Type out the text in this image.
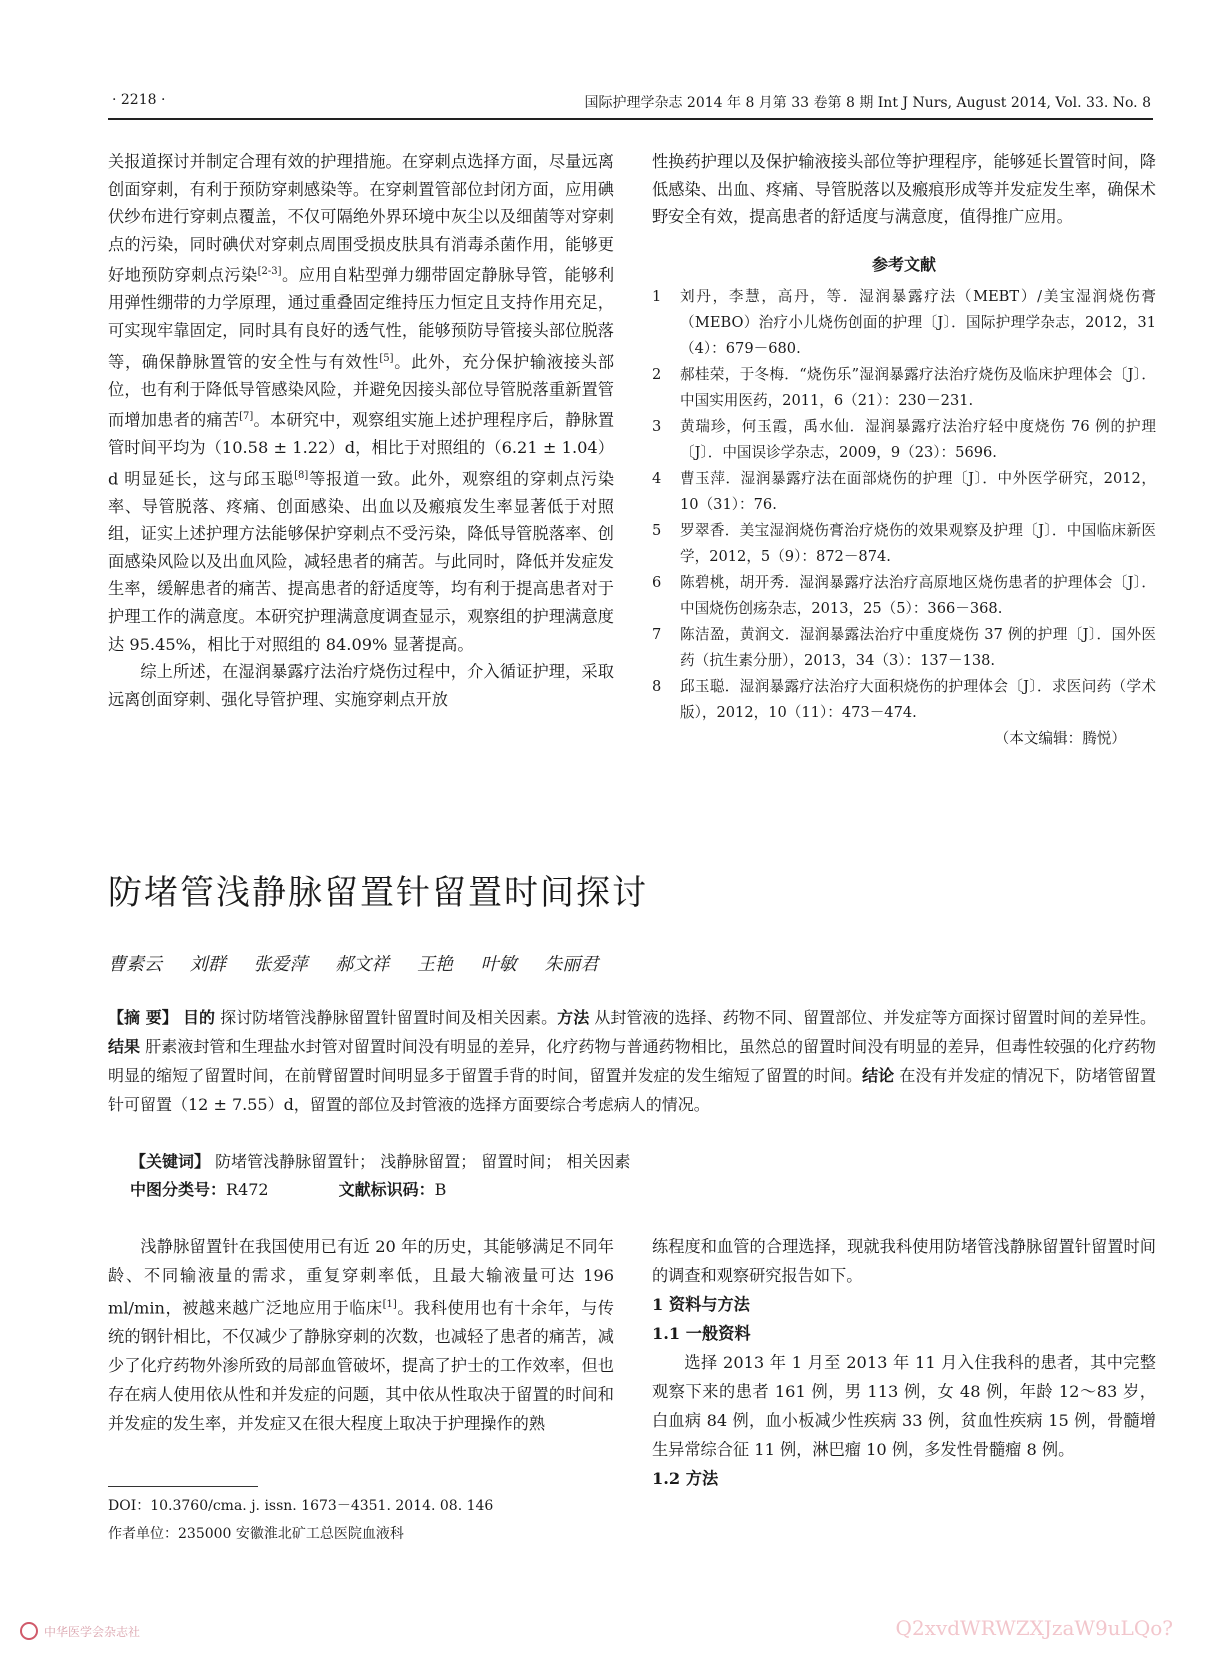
· 2218 ·	国际护理学杂志 2014 年 8 月第 33 卷第 8 期 Int J Nurs, August 2014, Vol. 33. No. 8

关报道探讨并制定合理有效的护理措施。在穿刺点选择方面，尽量远离创面穿刺，有利于预防穿刺感染等。在穿刺置管部位封闭方面，应用碘伏纱布进行穿刺点覆盖，不仅可隔绝外界环境中灰尘以及细菌等对穿刺点的污染，同时碘伏对穿刺点周围受损皮肤具有消毒杀菌作用，能够更好地预防穿刺点污染[2-3]。应用自粘型弹力绷带固定静脉导管，能够利用弹性绷带的力学原理，通过重叠固定维持压力恒定且支持作用充足，可实现牢靠固定，同时具有良好的透气性，能够预防导管接头部位脱落等，确保静脉置管的安全性与有效性[5]。此外，充分保护输液接头部位，也有利于降低导管感染风险，并避免因接头部位导管脱落重新置管而增加患者的痛苦[7]。本研究中，观察组实施上述护理程序后，静脉置管时间平均为（10.58 ± 1.22）d，相比于对照组的（6.21 ± 1.04）d 明显延长，这与邱玉聪[8]等报道一致。此外，观察组的穿刺点污染率、导管脱落、疼痛、创面感染、出血以及瘢痕发生率显著低于对照组，证实上述护理方法能够保护穿刺点不受污染，降低导管脱落率、创面感染风险以及出血风险，减轻患者的痛苦。与此同时，降低并发症发生率，缓解患者的痛苦、提高患者的舒适度等，均有利于提高患者对于护理工作的满意度。本研究护理满意度调查显示，观察组的护理满意度达 95.45%，相比于对照组的 84.09% 显著提高。

综上所述，在湿润暴露疗法治疗烧伤过程中，介入循证护理，采取远离创面穿刺、强化导管护理、实施穿刺点开放

性换药护理以及保护输液接头部位等护理程序，能够延长置管时间，降低感染、出血、疼痛、导管脱落以及瘢痕形成等并发症发生率，确保术野安全有效，提高患者的舒适度与满意度，值得推广应用。

参考文献
1	刘丹，李慧，高丹，等．湿润暴露疗法（MEBT）/美宝湿润烧伤膏（MEBO）治疗小儿烧伤创面的护理〔J〕．国际护理学杂志，2012，31（4）：679－680.
2	郝桂荣，于冬梅．“烧伤乐”湿润暴露疗法治疗烧伤及临床护理体会〔J〕．中国实用医药，2011，6（21）：230－231.
3	黄瑞珍，何玉霞，禹水仙．湿润暴露疗法治疗轻中度烧伤 76 例的护理〔J〕．中国误诊学杂志，2009，9（23）：5696.
4	曹玉萍．湿润暴露疗法在面部烧伤的护理〔J〕．中外医学研究，2012，10（31）：76.
5	罗翠香．美宝湿润烧伤膏治疗烧伤的效果观察及护理〔J〕．中国临床新医学，2012，5（9）：872－874.
6	陈碧桃，胡开秀．湿润暴露疗法治疗高原地区烧伤患者的护理体会〔J〕．中国烧伤创疡杂志，2013，25（5）：366－368.
7	陈洁盈，黄润文．湿润暴露法治疗中重度烧伤 37 例的护理〔J〕．国外医药（抗生素分册），2013，34（3）：137－138.
8	邱玉聪．湿润暴露疗法治疗大面积烧伤的护理体会〔J〕．求医问药（学术版），2012，10（11）：473－474.
（本文编辑：腾悦）
防堵管浅静脉留置针留置时间探讨
曹素云 刘群 张爱萍 郝文祥 王艳 叶敏 朱丽君
【摘 要】 目的 探讨防堵管浅静脉留置针留置时间及相关因素。方法 从封管液的选择、药物不同、留置部位、并发症等方面探讨留置时间的差异性。结果 肝素液封管和生理盐水封管对留置时间没有明显的差异，化疗药物与普通药物相比，虽然总的留置时间没有明显的差异，但毒性较强的化疗药物明显的缩短了留置时间，在前臂留置时间明显多于留置手背的时间，留置并发症的发生缩短了留置的时间。结论 在没有并发症的情况下，防堵管留置针可留置（12 ± 7.55）d，留置的部位及封管液的选择方面要综合考虑病人的情况。
【关键词】 防堵管浅静脉留置针； 浅静脉留置； 留置时间； 相关因素
中图分类号：R472	文献标识码：B

浅静脉留置针在我国使用已有近 20 年的历史，其能够满足不同年龄、不同输液量的需求，重复穿刺率低，且最大输液量可达 196 ml/min，被越来越广泛地应用于临床[1]。我科使用也有十余年，与传统的钢针相比，不仅减少了静脉穿刺的次数，也减轻了患者的痛苦，减少了化疗药物外渗所致的局部血管破坏，提高了护士的工作效率，但也存在病人使用依从性和并发症的问题，其中依从性取决于留置的时间和并发症的发生率，并发症又在很大程度上取决于护理操作的熟

练程度和血管的合理选择，现就我科使用防堵管浅静脉留置针留置时间的调查和观察研究报告如下。

1 资料与方法

1.1 一般资料

选择 2013 年 1 月至 2013 年 11 月入住我科的患者，其中完整观察下来的患者 161 例，男 113 例，女 48 例，年龄 12～83 岁，白血病 84 例，血小板减少性疾病 33 例，贫血性疾病 15 例，骨髓增生异常综合征 11 例，淋巴瘤 10 例，多发性骨髓瘤 8 例。

1.2 方法

DOI：10.3760/cma. j. issn. 1673－4351. 2014. 08. 146
作者单位：235000 安徽淮北矿工总医院血液科
中华医学会杂志社	Q2xvdWRWZXJzaW9uLQo?
